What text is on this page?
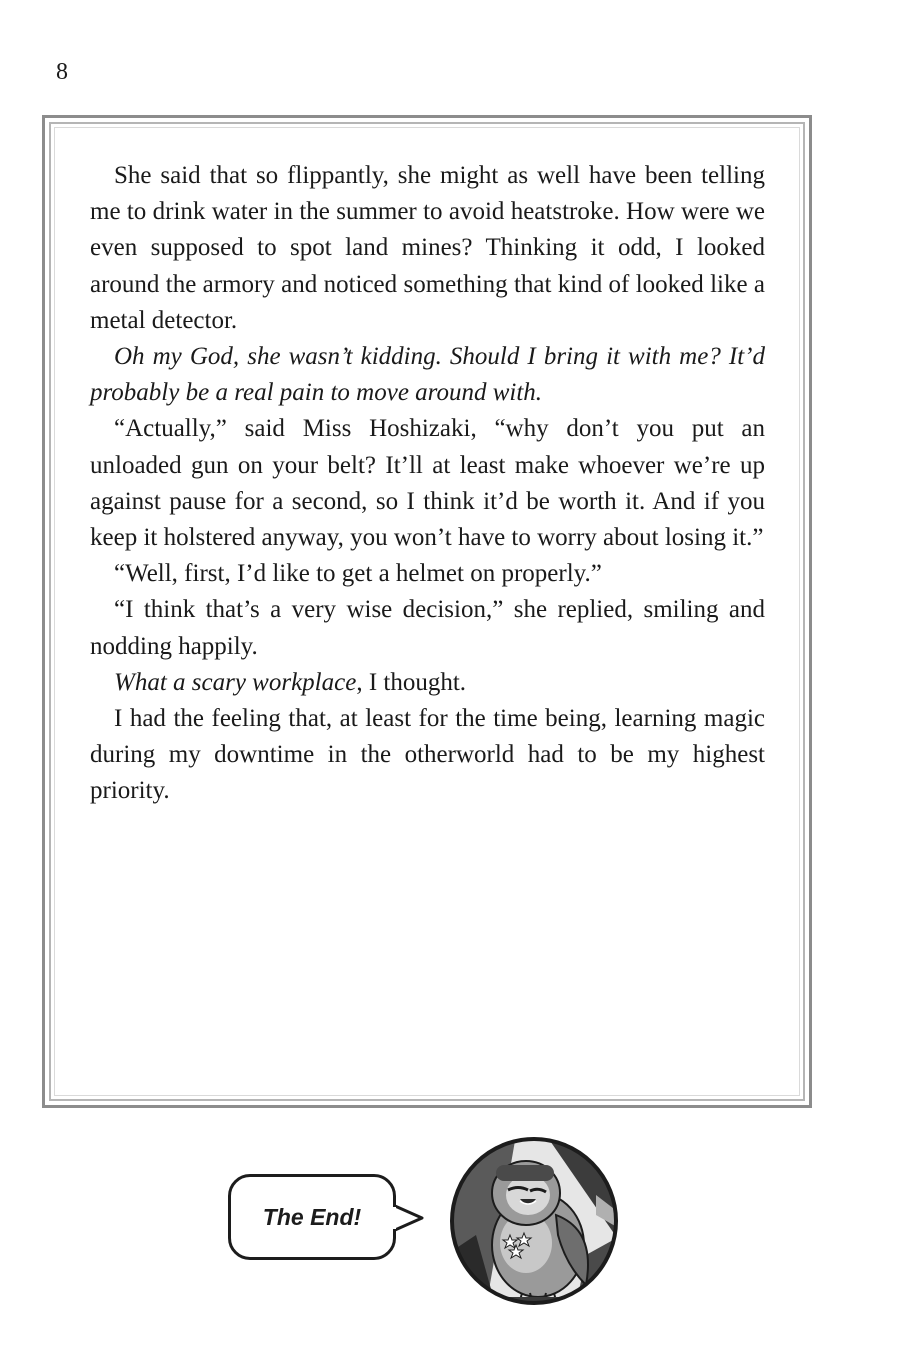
8

She said that so flippantly, she might as well have been telling me to drink water in the summer to avoid heatstroke. How were we even supposed to spot land mines? Thinking it odd, I looked around the armory and noticed something that kind of looked like a metal detector.

Oh my God, she wasn’t kidding. Should I bring it with me? It’d probably be a real pain to move around with.

“Actually,” said Miss Hoshizaki, “why don’t you put an unloaded gun on your belt? It’ll at least make whoever we’re up against pause for a second, so I think it’d be worth it. And if you keep it holstered anyway, you won’t have to worry about losing it.”

“Well, first, I’d like to get a helmet on properly.”

“I think that’s a very wise decision,” she replied, smiling and nodding happily.

What a scary workplace, I thought.

I had the feeling that, at least for the time being, learning magic during my downtime in the otherworld had to be my highest priority.

The End!
